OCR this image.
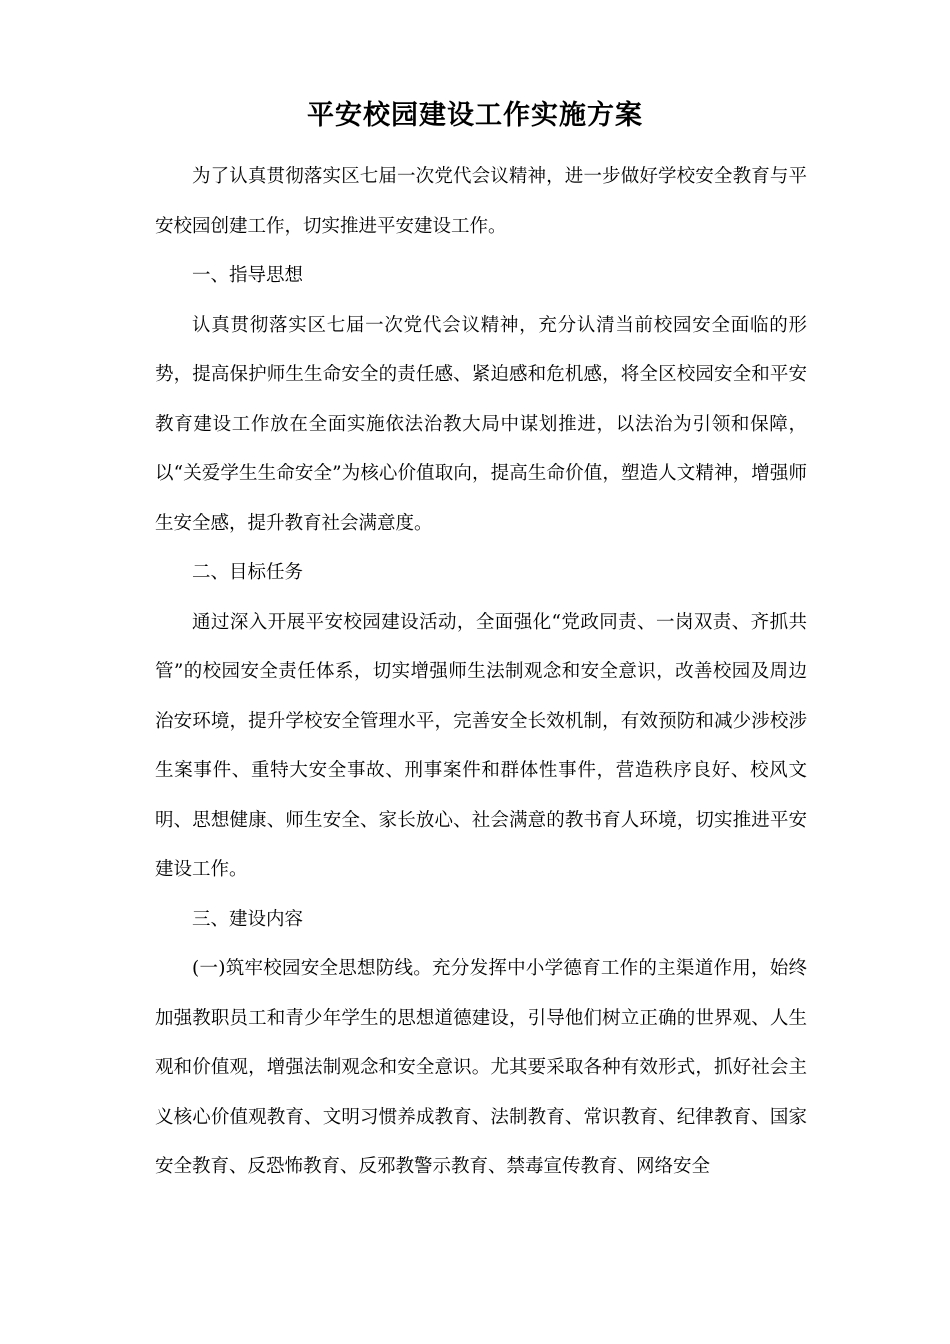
平安校园建设工作实施方案

为了认真贯彻落实区七届一次党代会议精神，进一步做好学校安全教育与平安校园创建工作，切实推进平安建设工作。

一、指导思想

认真贯彻落实区七届一次党代会议精神，充分认清当前校园安全面临的形势，提高保护师生生命安全的责任感、紧迫感和危机感，将全区校园安全和平安教育建设工作放在全面实施依法治教大局中谋划推进，以法治为引领和保障，以“关爱学生生命安全”为核心价值取向，提高生命价值，塑造人文精神，增强师生安全感，提升教育社会满意度。

二、目标任务

通过深入开展平安校园建设活动，全面强化“党政同责、一岗双责、齐抓共管”的校园安全责任体系，切实增强师生法制观念和安全意识，改善校园及周边治安环境，提升学校安全管理水平，完善安全长效机制，有效预防和减少涉校涉生案事件、重特大安全事故、刑事案件和群体性事件，营造秩序良好、校风文明、思想健康、师生安全、家长放心、社会满意的教书育人环境，切实推进平安建设工作。

三、建设内容

(一)筑牢校园安全思想防线。充分发挥中小学德育工作的主渠道作用，始终加强教职员工和青少年学生的思想道德建设，引导他们树立正确的世界观、人生观和价值观，增强法制观念和安全意识。尤其要采取各种有效形式，抓好社会主义核心价值观教育、文明习惯养成教育、法制教育、常识教育、纪律教育、国家安全教育、反恐怖教育、反邪教警示教育、禁毒宣传教育、网络安全
